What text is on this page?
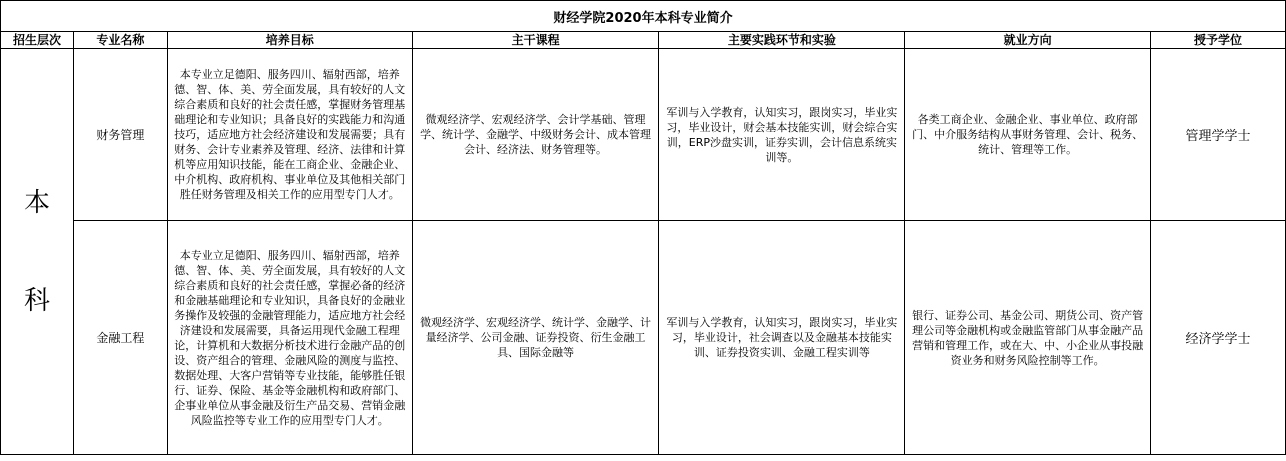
财经学院2020年本科专业简介						
招生层次	专业名称	培养目标	主干课程	主要实践环节和实验	就业方向	授予学位

本
科	财务管理	本专业立足德阳、服务四川、辐射西部，培养德、智、体、美、劳全面发展，具有较好的人文综合素质和良好的社会责任感，掌握财务管理基础理论和专业知识；具备良好的实践能力和沟通技巧，适应地方社会经济建设和发展需要；具有财务、会计专业素养及管理、经济、法律和计算机等应用知识技能，能在工商企业、金融企业、中介机构、政府机构、事业单位及其他相关部门胜任财务管理及相关工作的应用型专门人才。	微观经济学、宏观经济学、会计学基础、管理学、统计学、金融学、中级财务会计、成本管理会计、经济法、财务管理等。	军训与入学教育，认知实习，跟岗实习，毕业实习，毕业设计，财会基本技能实训，财会综合实训，ERP沙盘实训，证券实训，会计信息系统实训等。	各类工商企业、金融企业、事业单位、政府部门、中介服务结构从事财务管理、会计、税务、统计、管理等工作。	管理学学士
	金融工程	本专业立足德阳、服务四川、辐射西部，培养德、智、体、美、劳全面发展，具有较好的人文综合素质和良好的社会责任感，掌握必备的经济和金融基础理论和专业知识，具备良好的金融业务操作及较强的金融管理能力，适应地方社会经济建设和发展需要，具备运用现代金融工程理论，计算机和大数据分析技术进行金融产品的创设、资产组合的管理、金融风险的测度与监控、数据处理、大客户营销等专业技能，能够胜任银行、证券、保险、基金等金融机构和政府部门、企事业单位从事金融及衍生产品交易、营销金融风险监控等专业工作的应用型专门人才。	微观经济学、宏观经济学、统计学、金融学、计量经济学、公司金融、证券投资、衍生金融工具、国际金融等	军训与入学教育，认知实习，跟岗实习，毕业实习，毕业设计，社会调查以及金融基本技能实训、证券投资实训、金融工程实训等	银行、证券公司、基金公司、期货公司、资产管理公司等金融机构或金融监管部门从事金融产品营销和管理工作，或在大、中、小企业从事投融资业务和财务风险控制等工作。	经济学学士
